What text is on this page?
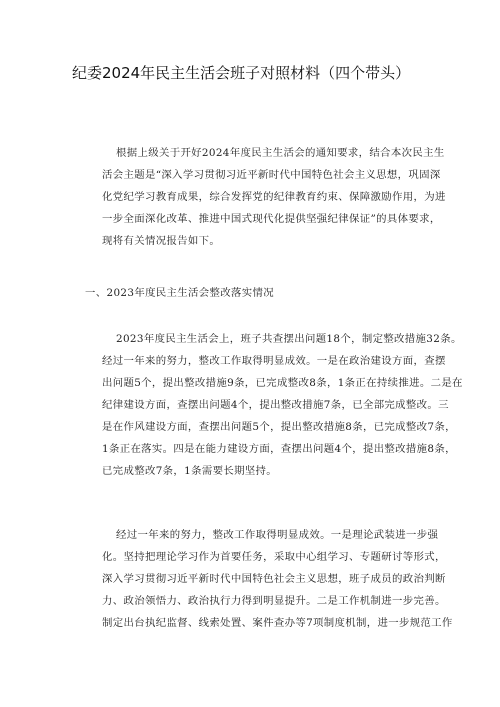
纪委2024年民主生活会班子对照材料（四个带头）
根据上级关于开好2024年度民主生活会的通知要求，结合本次民主生
活会主题是“深入学习贯彻习近平新时代中国特色社会主义思想，巩固深
化党纪学习教育成果，综合发挥党的纪律教育约束、保障激励作用，为进
一步全面深化改革、推进中国式现代化提供坚强纪律保证”的具体要求，
现将有关情况报告如下。
一、2023年度民主生活会整改落实情况
2023年度民主生活会上，班子共查摆出问题18个，制定整改措施32条。
经过一年来的努力，整改工作取得明显成效。一是在政治建设方面，查摆
出问题5个，提出整改措施9条，已完成整改8条，1条正在持续推进。二是在
纪律建设方面，查摆出问题4个，提出整改措施7条，已全部完成整改。三
是在作风建设方面，查摆出问题5个，提出整改措施8条，已完成整改7条，
1条正在落实。四是在能力建设方面，查摆出问题4个，提出整改措施8条，
已完成整改7条，1条需要长期坚持。
经过一年来的努力，整改工作取得明显成效。一是理论武装进一步强
化。坚持把理论学习作为首要任务，采取中心组学习、专题研讨等形式，
深入学习贯彻习近平新时代中国特色社会主义思想，班子成员的政治判断
力、政治领悟力、政治执行力得到明显提升。二是工作机制进一步完善。
制定出台执纪监督、线索处置、案件查办等7项制度机制，进一步规范工作
